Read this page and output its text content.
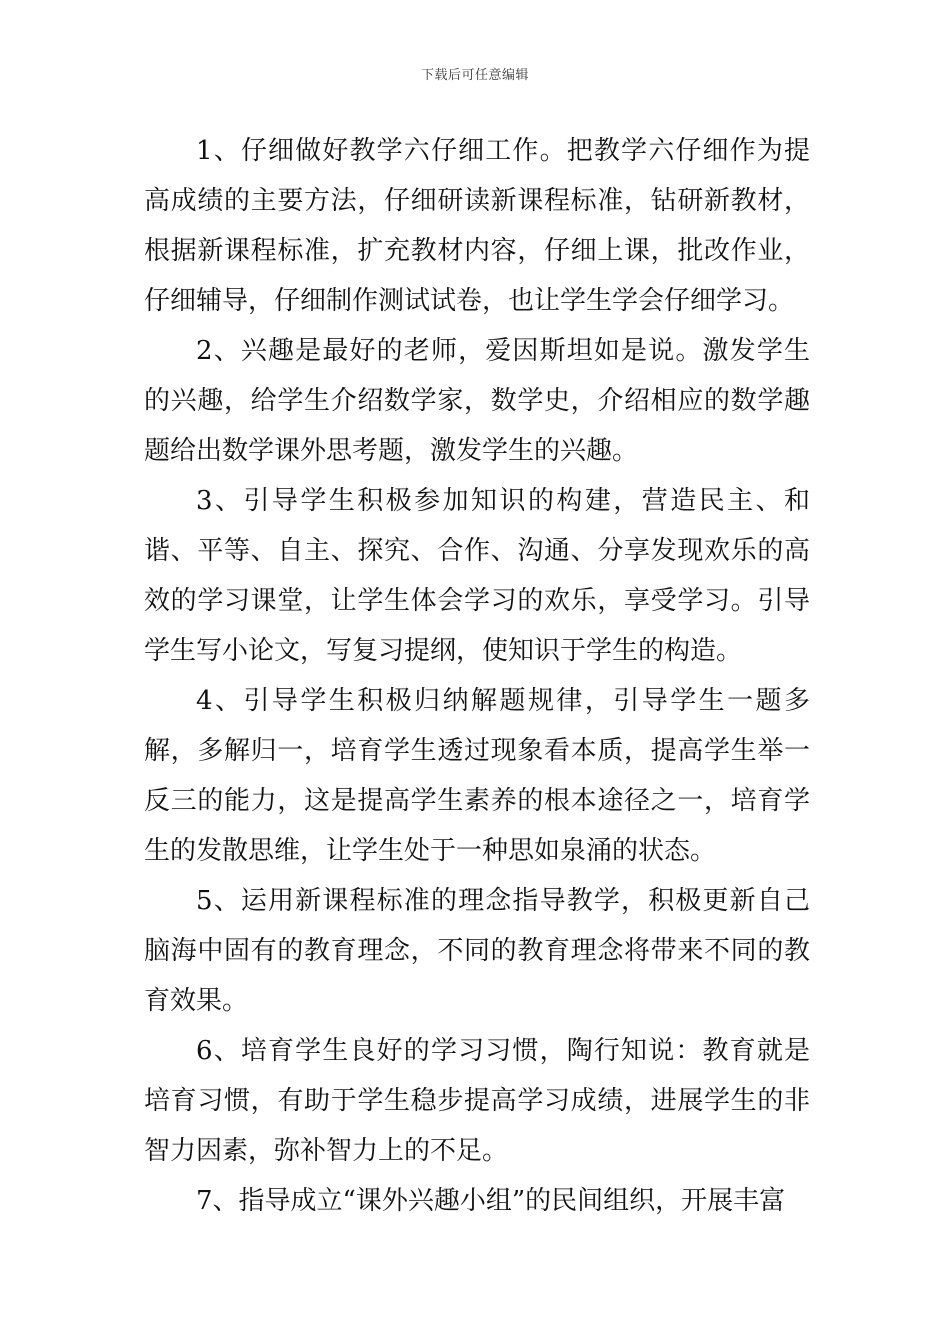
下载后可任意编辑

1、仔细做好教学六仔细工作。把教学六仔细作为提高成绩的主要方法，仔细研读新课程标准，钻研新教材，根据新课程标准，扩充教材内容，仔细上课，批改作业，仔细辅导，仔细制作测试试卷，也让学生学会仔细学习。

2、兴趣是最好的老师，爱因斯坦如是说。激发学生的兴趣，给学生介绍数学家，数学史，介绍相应的数学趣题给出数学课外思考题，激发学生的兴趣。

3、引导学生积极参加知识的构建，营造民主、和谐、平等、自主、探究、合作、沟通、分享发现欢乐的高效的学习课堂，让学生体会学习的欢乐，享受学习。引导学生写小论文，写复习提纲，使知识于学生的构造。

4、引导学生积极归纳解题规律，引导学生一题多解，多解归一，培育学生透过现象看本质，提高学生举一反三的能力，这是提高学生素养的根本途径之一，培育学生的发散思维，让学生处于一种思如泉涌的状态。

5、运用新课程标准的理念指导教学，积极更新自己脑海中固有的教育理念，不同的教育理念将带来不同的教育效果。

6、培育学生良好的学习习惯，陶行知说：教育就是培育习惯，有助于学生稳步提高学习成绩，进展学生的非智力因素，弥补智力上的不足。

7、指导成立“课外兴趣小组”的民间组织，开展丰富
